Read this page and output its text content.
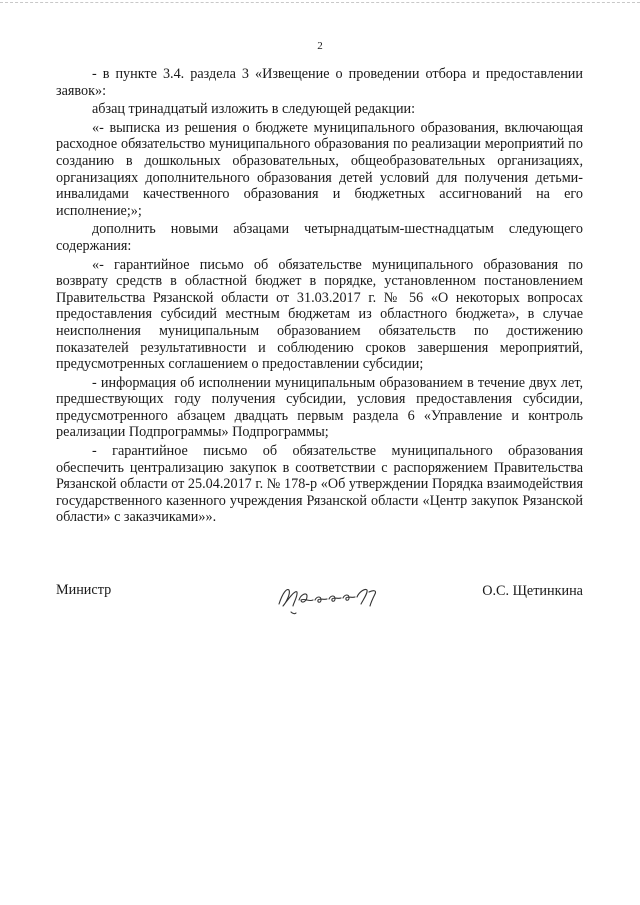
2

- в пункте 3.4. раздела 3 «Извещение о проведении отбора и предоставлении заявок»:

абзац тринадцатый изложить в следующей редакции:

«- выписка из решения о бюджете муниципального образования, включающая расходное обязательство муниципального образования по реализации мероприятий по созданию в дошкольных образовательных, общеобразовательных организациях, организациях дополнительного образования детей условий для получения детьми-инвалидами качественного образования и бюджетных ассигнований на его исполнение;»;

дополнить новыми абзацами четырнадцатым-шестнадцатым следующего содержания:

«- гарантийное письмо об обязательстве муниципального образования по возврату средств в областной бюджет в порядке, установленном постановлением Правительства Рязанской области от 31.03.2017 г. № 56 «О некоторых вопросах предоставления субсидий местным бюджетам из областного бюджета», в случае неисполнения муниципальным образованием обязательств по достижению показателей результативности и соблюдению сроков завершения мероприятий, предусмотренных соглашением о предоставлении субсидии;

- информация об исполнении муниципальным образованием в течение двух лет, предшествующих году получения субсидии, условия предоставления субсидии, предусмотренного абзацем двадцать первым раздела 6 «Управление и контроль реализации Подпрограммы» Подпрограммы;

- гарантийное письмо об обязательстве муниципального образования обеспечить централизацию закупок в соответствии с распоряжением Правительства Рязанской области от 25.04.2017 г. № 178-р «Об утверждении Порядка взаимодействия государственного казенного учреждения Рязанской области «Центр закупок Рязанской области» с заказчиками»».

Министр	О.С. Щетинкина
